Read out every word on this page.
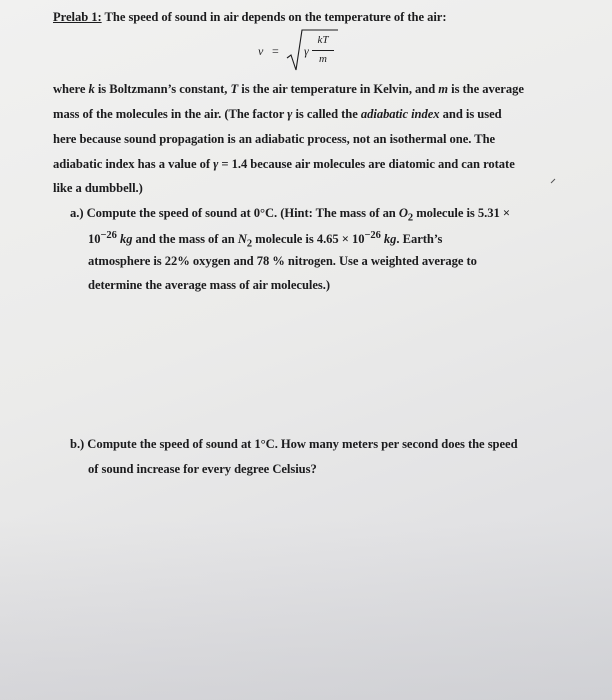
Prelab 1: The speed of sound in air depends on the temperature of the air:
v = γ
kT
m
where k is Boltzmann’s constant, T is the air temperature in Kelvin, and m is the average
mass of the molecules in the air. (The factor γ is called the adiabatic index and is used
here because sound propagation is an adiabatic process, not an isothermal one. The
adiabatic index has a value of γ = 1.4 because air molecules are diatomic and can rotate
like a dumbbell.)
a.) Compute the speed of sound at 0°C. (Hint: The mass of an $O_2$ molecule is 5.31 ×
$10^{-26}$ kg and the mass of an $N_2$ molecule is $4.65 \times 10^{-26}$ kg. Earth’s
atmosphere is 22% oxygen and 78 % nitrogen. Use a weighted average to
determine the average mass of air molecules.)
b.) Compute the speed of sound at 1°C. How many meters per second does the speed
of sound increase for every degree Celsius?
